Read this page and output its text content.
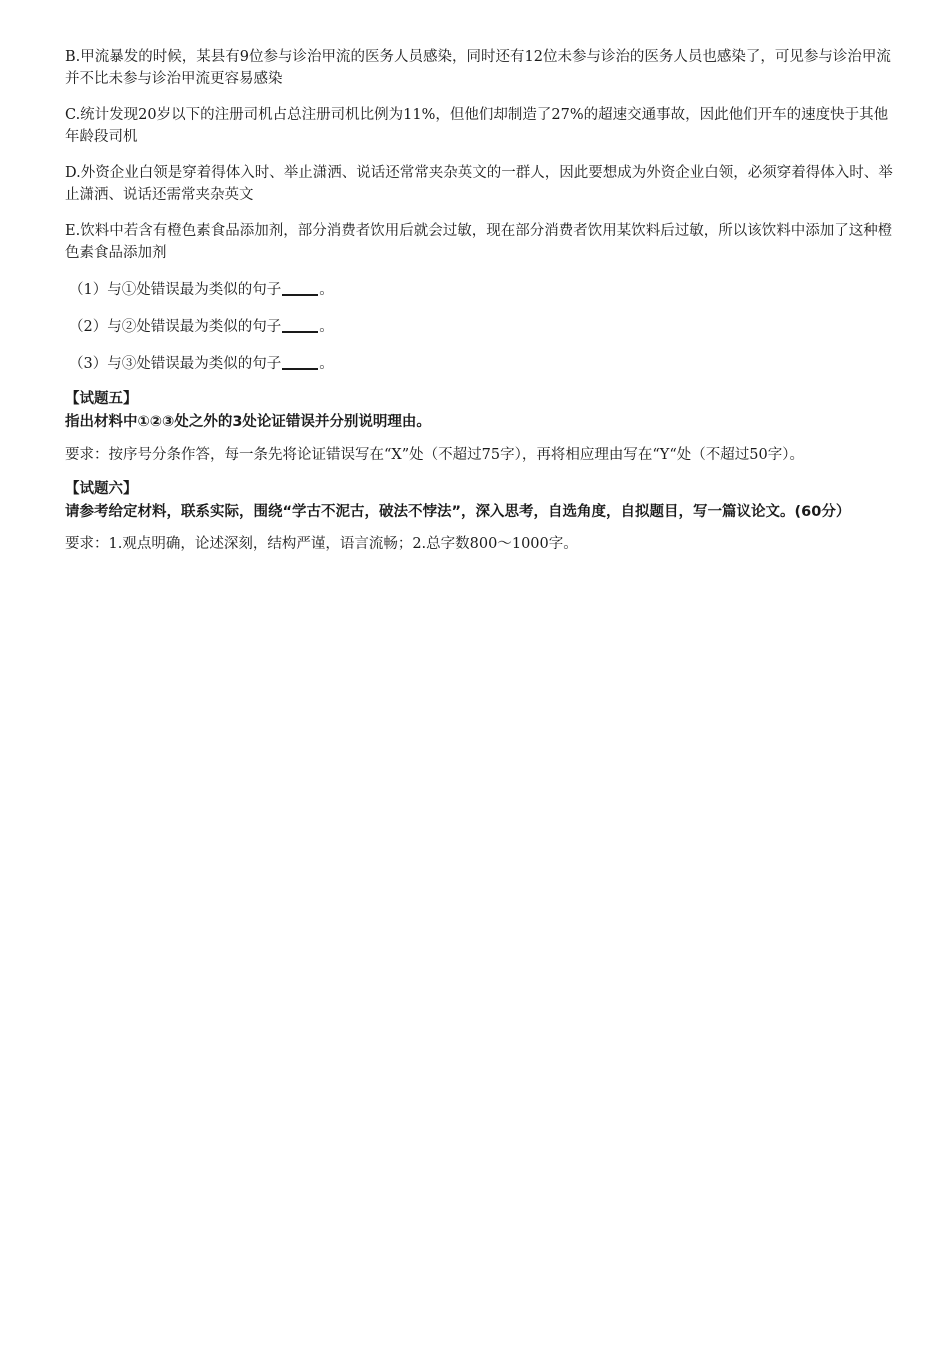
B.甲流暴发的时候，某县有9位参与诊治甲流的医务人员感染，同时还有12位未参与诊治的医务人员也感染了，可见参与诊治甲流并不比未参与诊治甲流更容易感染

C.统计发现20岁以下的注册司机占总注册司机比例为11%，但他们却制造了27%的超速交通事故，因此他们开车的速度快于其他年龄段司机

D.外资企业白领是穿着得体入时、举止潇洒、说话还常常夹杂英文的一群人，因此要想成为外资企业白领，必须穿着得体入时、举止潇洒、说话还需常夹杂英文

E.饮料中若含有橙色素食品添加剂，部分消费者饮用后就会过敏，现在部分消费者饮用某饮料后过敏，所以该饮料中添加了这种橙色素食品添加剂

（1）与①处错误最为类似的句子	。

（2）与②处错误最为类似的句子	。

（3）与③处错误最为类似的句子	。

【试题五】

指出材料中①②③处之外的3处论证错误并分别说明理由。

要求：按序号分条作答，每一条先将论证错误写在“X”处（不超过75字），再将相应理由写在“Y“处（不超过50字）。

【试题六】

请参考给定材料，联系实际，围绕“学古不泥古，破法不悖法”，深入思考，自选角度，自拟题目，写一篇议论文。(60分）

要求：1.观点明确，论述深刻，结构严谨，语言流畅；2.总字数800～1000字。
